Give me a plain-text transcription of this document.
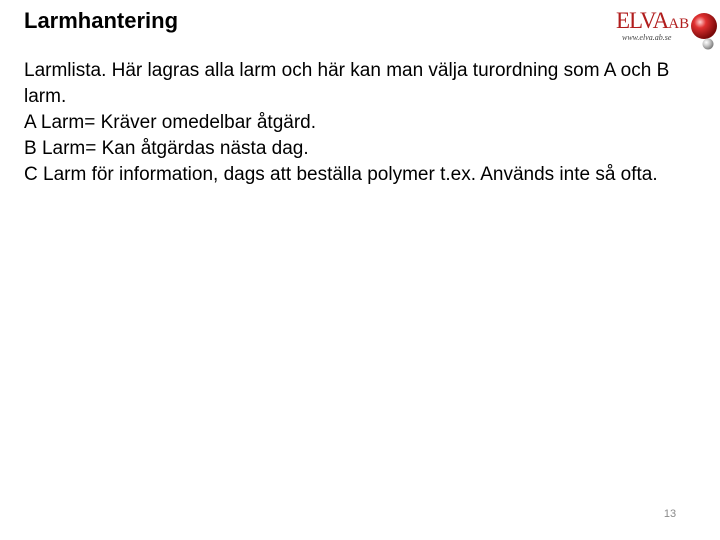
Larmhantering	ELVAAB
www.elva.ab.se

Larmlista. Här lagras alla larm och här kan man välja turordning som A och B larm.

A Larm= Kräver omedelbar åtgärd.

B Larm= Kan åtgärdas nästa dag.

C Larm för information, dags att beställa polymer t.ex. Används inte så ofta.

13
